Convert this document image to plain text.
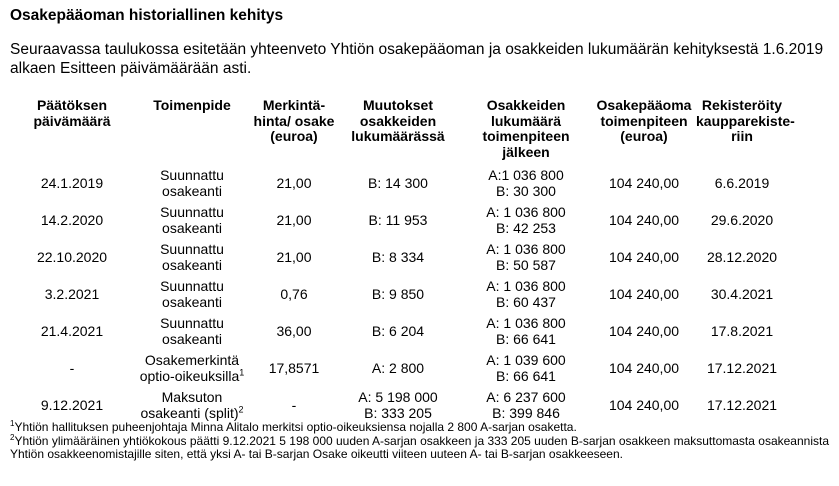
Osakepääoman historiallinen kehitys

Seuraavassa taulukossa esitetään yhteenveto Yhtiön osakepääoman ja osakkeiden lukumäärän kehityksestä 1.6.2019 alkaen Esitteen päivämäärään asti.

Päätöksen
päivämäärä	Toimenpide	Merkintä-
hinta/ osake
(euroa)	Muutokset
osakkeiden
lukumäärässä	Osakkeiden
lukumäärä
toimenpiteen
jälkeen	Osakepääoma
toimenpiteen
(euroa)	Rekisteröity
kaupparekiste-
riin

24.1.2019	Suunnattu
osakeanti	21,00	B: 14 300	A:1 036 800
B: 30 300	104 240,00	6.6.2019
14.2.2020	Suunnattu
osakeanti	21,00	B: 11 953	A: 1 036 800
B: 42 253	104 240,00	29.6.2020
22.10.2020	Suunnattu
osakeanti	21,00	B: 8 334	A: 1 036 800
B: 50 587	104 240,00	28.12.2020
3.2.2021	Suunnattu
osakeanti	0,76	B: 9 850	A: 1 036 800
B: 60 437	104 240,00	30.4.2021
21.4.2021	Suunnattu
osakeanti	36,00	B: 6 204	A: 1 036 800
B: 66 641	104 240,00	17.8.2021
-	Osakemerkintä
optio-oikeuksilla$^1$	17,8571	A: 2 800	A: 1 039 600
B: 66 641	104 240,00	17.12.2021
9.12.2021	Maksuton
osakeanti (split)$^2$	-	A: 5 198 000
B: 333 205	A: 6 237 600
B: 399 846	104 240,00	17.12.2021

$^1$Yhtiön hallituksen puheenjohtaja Minna Alitalo merkitsi optio-oikeuksiensa nojalla 2 800 A-sarjan osaketta.

$^2$Yhtiön ylimääräinen yhtiökokous päätti 9.12.2021 5 198 000 uuden A-sarjan osakkeen ja 333 205 uuden B-sarjan osakkeen maksuttomasta osakeannista Yhtiön osakkeenomistajille siten, että yksi A- tai B-sarjan Osake oikeutti viiteen uuteen A- tai B-sarjan osakkeeseen.
